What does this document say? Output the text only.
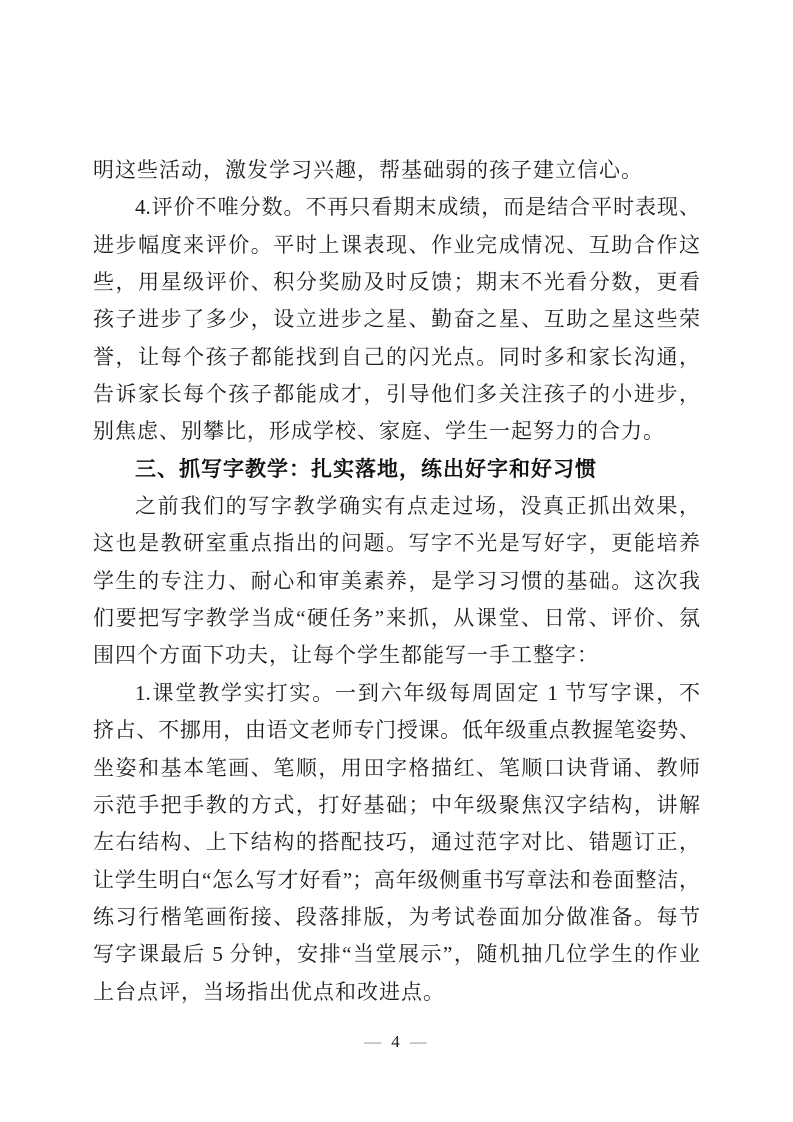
明这些活动，激发学习兴趣，帮基础弱的孩子建立信心。
4.评价不唯分数。不再只看期末成绩，而是结合平时表现、
进步幅度来评价。平时上课表现、作业完成情况、互助合作这
些，用星级评价、积分奖励及时反馈；期末不光看分数，更看
孩子进步了多少，设立进步之星、勤奋之星、互助之星这些荣
誉，让每个孩子都能找到自己的闪光点。同时多和家长沟通，
告诉家长每个孩子都能成才，引导他们多关注孩子的小进步，
别焦虑、别攀比，形成学校、家庭、学生一起努力的合力。
三、抓写字教学：扎实落地，练出好字和好习惯
之前我们的写字教学确实有点走过场，没真正抓出效果，
这也是教研室重点指出的问题。写字不光是写好字，更能培养
学生的专注力、耐心和审美素养，是学习习惯的基础。这次我
们要把写字教学当成“硬任务”来抓，从课堂、日常、评价、氛
围四个方面下功夫，让每个学生都能写一手工整字：
1.课堂教学实打实。一到六年级每周固定 1 节写字课，不
挤占、不挪用，由语文老师专门授课。低年级重点教握笔姿势、
坐姿和基本笔画、笔顺，用田字格描红、笔顺口诀背诵、教师
示范手把手教的方式，打好基础；中年级聚焦汉字结构，讲解
左右结构、上下结构的搭配技巧，通过范字对比、错题订正，
让学生明白“怎么写才好看”；高年级侧重书写章法和卷面整洁，
练习行楷笔画衔接、段落排版，为考试卷面加分做准备。每节
写字课最后 5 分钟，安排“当堂展示”，随机抽几位学生的作业
上台点评，当场指出优点和改进点。
— 4 —
